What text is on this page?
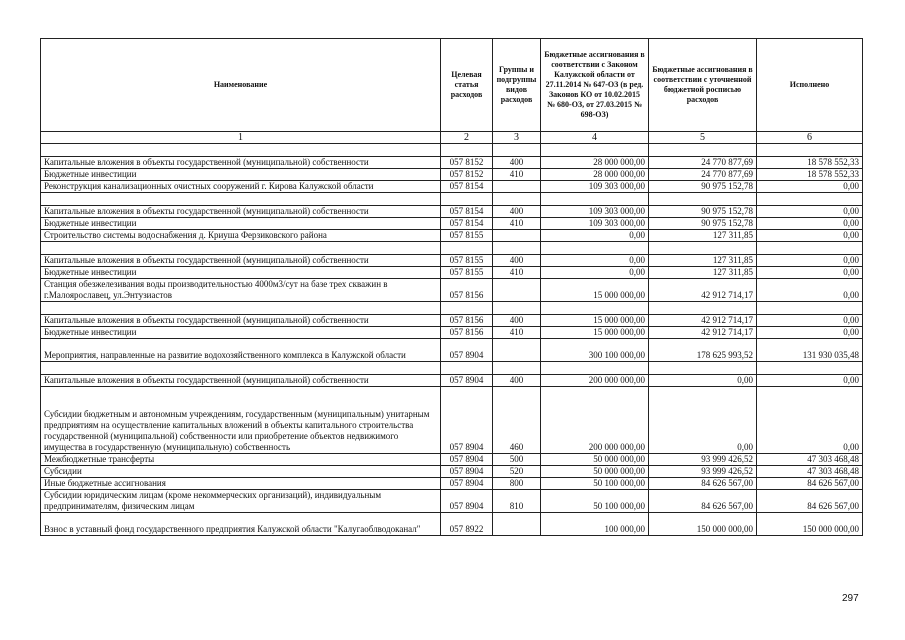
Наименование	Целевая статья расходов	Группы и подгруппы видов расходов	Бюджетные ассигнования в соответствии с Законом Калужской области от 27.11.2014 № 647-ОЗ (в ред. Законов КО от 10.02.2015 № 680-ОЗ, от 27.03.2015 № 698-ОЗ)	Бюджетные ассигнования в соответствии с уточненной бюджетной росписью расходов	Исполнено
1	2	3	4	5	6

Капитальные вложения в объекты государственной (муниципальной) собственности	057 8152	400	28 000 000,00	24 770 877,69	18 578 552,33
Бюджетные инвестиции	057 8152	410	28 000 000,00	24 770 877,69	18 578 552,33
Реконструкция канализационных очистных сооружений г. Кирова Калужской области	057 8154		109 303 000,00	90 975 152,78	0,00

Капитальные вложения в объекты государственной (муниципальной) собственности	057 8154	400	109 303 000,00	90 975 152,78	0,00
Бюджетные инвестиции	057 8154	410	109 303 000,00	90 975 152,78	0,00
Строительство системы водоснабжения д. Криуша Ферзиковского района	057 8155		0,00	127 311,85	0,00

Капитальные вложения в объекты государственной (муниципальной) собственности	057 8155	400	0,00	127 311,85	0,00
Бюджетные инвестиции	057 8155	410	0,00	127 311,85	0,00
Станция обезжелезивания воды производительностью 4000м3/сут на базе трех скважин в г.Малоярославец, ул.Энтузиастов	057 8156		15 000 000,00	42 912 714,17	0,00

Капитальные вложения в объекты государственной (муниципальной) собственности	057 8156	400	15 000 000,00	42 912 714,17	0,00
Бюджетные инвестиции	057 8156	410	15 000 000,00	42 912 714,17	0,00
Мероприятия, направленные на развитие водохозяйственного комплекса в Калужской области	057 8904		300 100 000,00	178 625 993,52	131 930 035,48

Капитальные вложения в объекты государственной (муниципальной) собственности	057 8904	400	200 000 000,00	0,00	0,00
Субсидии бюджетным и автономным учреждениям, государственным (муниципальным) унитарным предприятиям на осуществление капитальных вложений в объекты капитального строительства государственной (муниципальной) собственности или приобретение объектов недвижимого имущества в государственную (муниципальную) собственность	057 8904	460	200 000 000,00	0,00	0,00
Межбюджетные трансферты	057 8904	500	50 000 000,00	93 999 426,52	47 303 468,48
Субсидии	057 8904	520	50 000 000,00	93 999 426,52	47 303 468,48
Иные бюджетные ассигнования	057 8904	800	50 100 000,00	84 626 567,00	84 626 567,00
Субсидии юридическим лицам (кроме некоммерческих организаций), индивидуальным предпринимателям, физическим лицам	057 8904	810	50 100 000,00	84 626 567,00	84 626 567,00
Взнос в уставный фонд государственного предприятия Калужской области "Калугаоблводоканал"	057 8922		100 000,00	150 000 000,00	150 000 000,00
297
